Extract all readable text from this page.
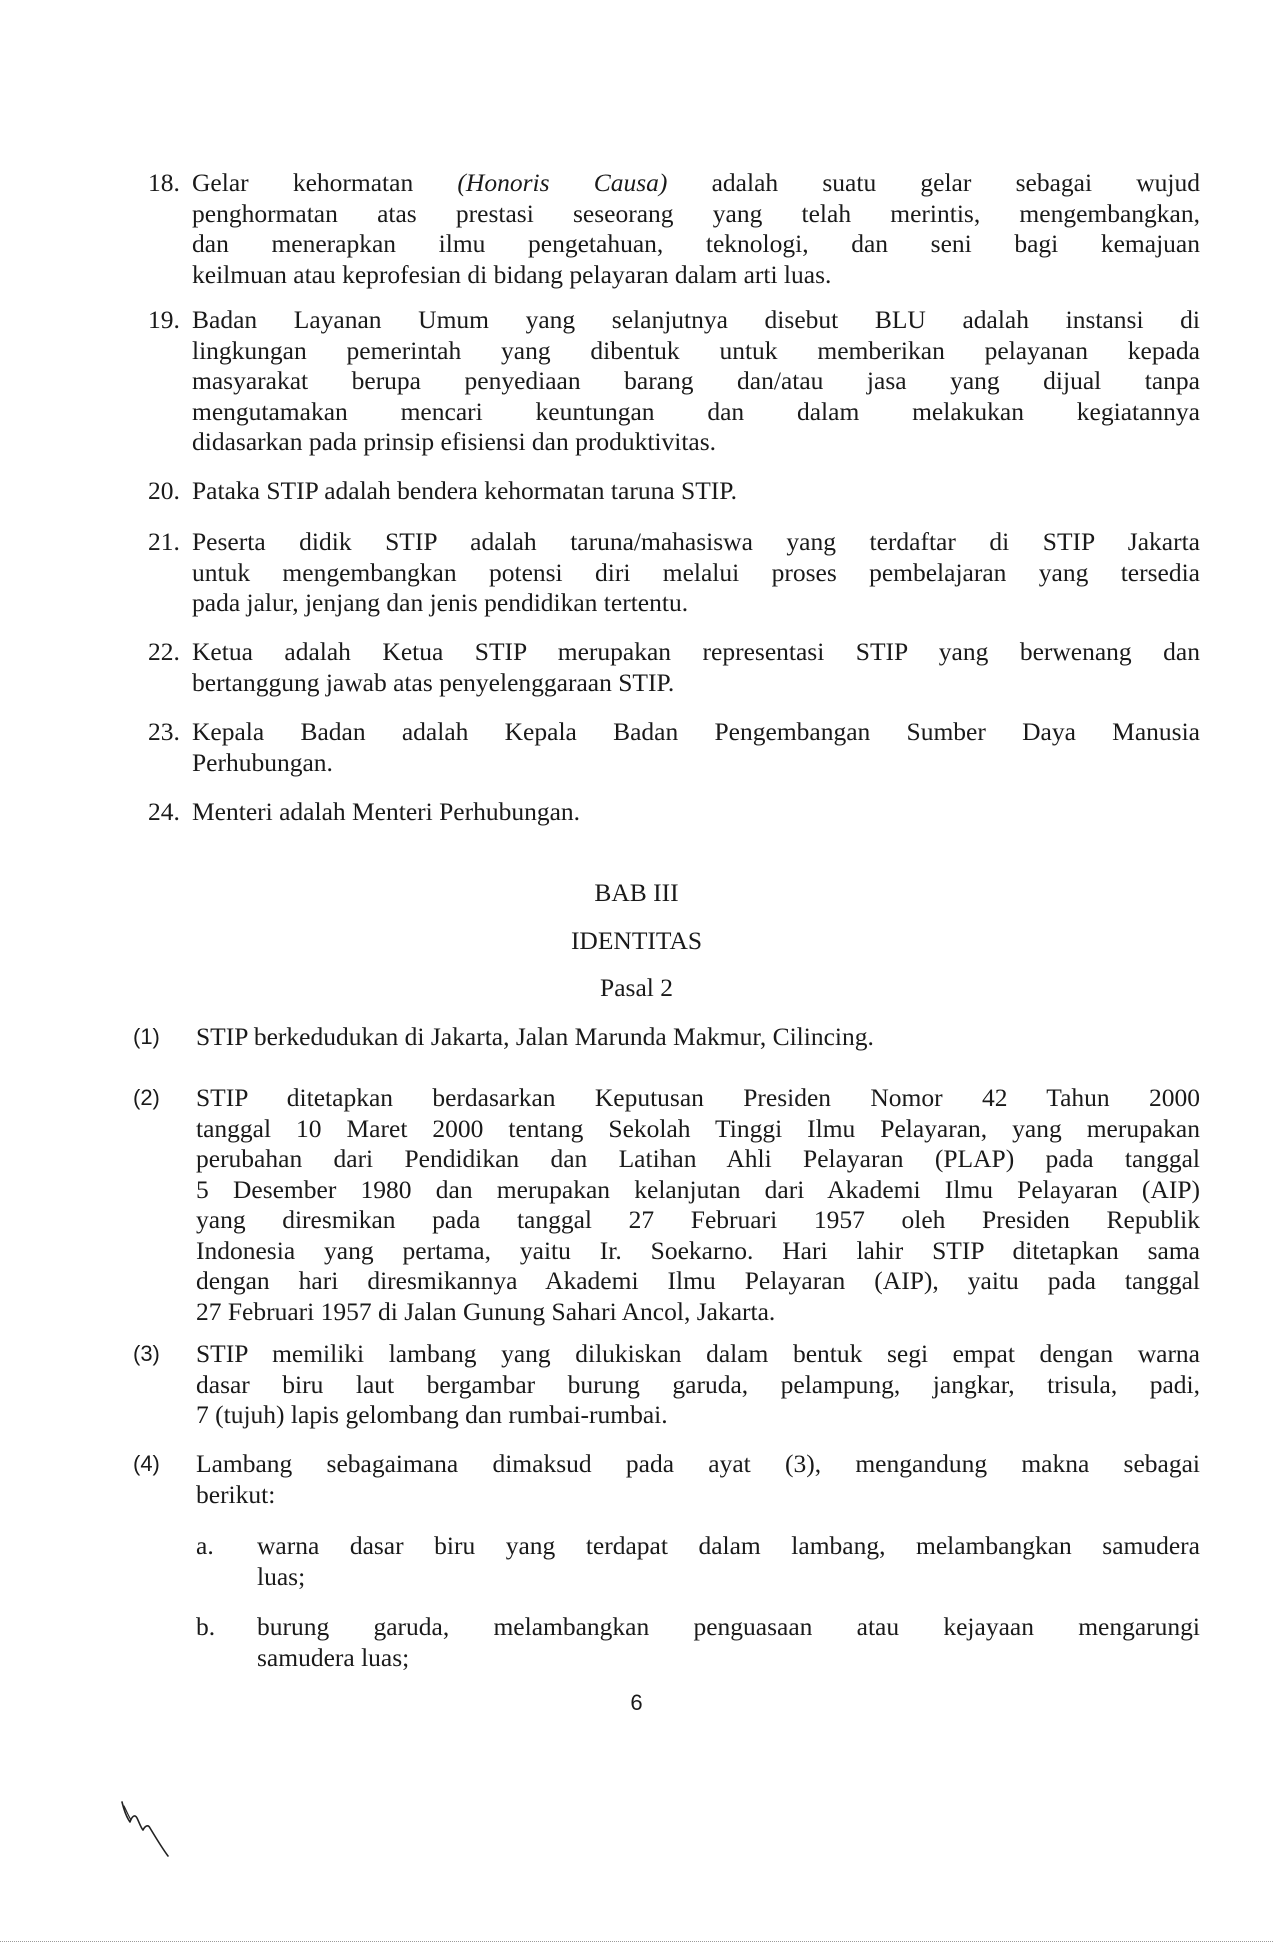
18. Gelar kehormatan (Honoris Causa) adalah suatu gelar sebagai wujud
penghormatan atas prestasi seseorang yang telah merintis, mengembangkan,
dan menerapkan ilmu pengetahuan, teknologi, dan seni bagi kemajuan
keilmuan atau keprofesian di bidang pelayaran dalam arti luas.
19. Badan Layanan Umum yang selanjutnya disebut BLU adalah instansi di
lingkungan pemerintah yang dibentuk untuk memberikan pelayanan kepada
masyarakat berupa penyediaan barang dan/atau jasa yang dijual tanpa
mengutamakan mencari keuntungan dan dalam melakukan kegiatannya
didasarkan pada prinsip efisiensi dan produktivitas.
20. Pataka STIP adalah bendera kehormatan taruna STIP.
21. Peserta didik STIP adalah taruna/mahasiswa yang terdaftar di STIP Jakarta
untuk mengembangkan potensi diri melalui proses pembelajaran yang tersedia
pada jalur, jenjang dan jenis pendidikan tertentu.
22. Ketua adalah Ketua STIP merupakan representasi STIP yang berwenang dan
bertanggung jawab atas penyelenggaraan STIP.
23. Kepala Badan adalah Kepala Badan Pengembangan Sumber Daya Manusia
Perhubungan.
24. Menteri adalah Menteri Perhubungan.
BAB III
IDENTITAS
Pasal 2
(1) STIP berkedudukan di Jakarta, Jalan Marunda Makmur, Cilincing.
(2) STIP ditetapkan berdasarkan Keputusan Presiden Nomor 42 Tahun 2000
tanggal 10 Maret 2000 tentang Sekolah Tinggi Ilmu Pelayaran, yang merupakan
perubahan dari Pendidikan dan Latihan Ahli Pelayaran (PLAP) pada tanggal
5 Desember 1980 dan merupakan kelanjutan dari Akademi Ilmu Pelayaran (AIP)
yang diresmikan pada tanggal 27 Februari 1957 oleh Presiden Republik
Indonesia yang pertama, yaitu Ir. Soekarno. Hari lahir STIP ditetapkan sama
dengan hari diresmikannya Akademi Ilmu Pelayaran (AIP), yaitu pada tanggal
27 Februari 1957 di Jalan Gunung Sahari Ancol, Jakarta.
(3) STIP memiliki lambang yang dilukiskan dalam bentuk segi empat dengan warna
dasar biru laut bergambar burung garuda, pelampung, jangkar, trisula, padi,
7 (tujuh) lapis gelombang dan rumbai-rumbai.
(4) Lambang sebagaimana dimaksud pada ayat (3), mengandung makna sebagai
berikut:
a. warna dasar biru yang terdapat dalam lambang, melambangkan samudera
luas;
b. burung garuda, melambangkan penguasaan atau kejayaan mengarungi
samudera luas;
6
